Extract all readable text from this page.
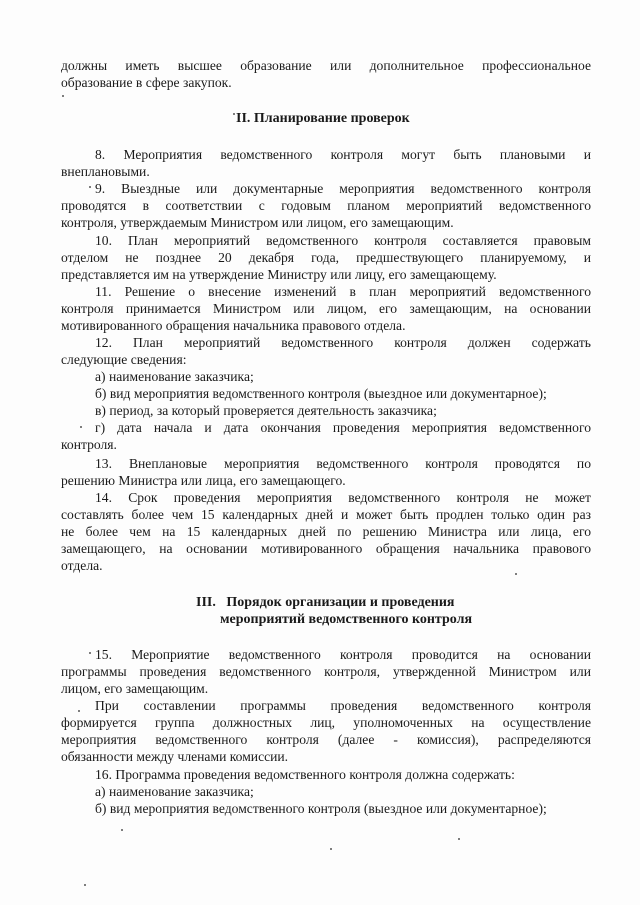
должны иметь высшее образование или дополнительное профессиональное
образование в сфере закупок.
II. Планирование проверок
8. Мероприятия ведомственного контроля могут быть плановыми и
внеплановыми.
9. Выездные или документарные мероприятия ведомственного контроля
проводятся в соответствии с годовым планом мероприятий ведомственного
контроля, утверждаемым Министром или лицом, его замещающим.
10. План мероприятий ведомственного контроля составляется правовым
отделом не позднее 20 декабря года, предшествующего планируемому, и
представляется им на утверждение Министру или лицу, его замещающему.
11. Решение о внесение изменений в план мероприятий ведомственного
контроля принимается Министром или лицом, его замещающим, на основании
мотивированного обращения начальника правового отдела.
12. План мероприятий ведомственного контроля должен содержать
следующие сведения:
а) наименование заказчика;
б) вид мероприятия ведомственного контроля (выездное или документарное);
в) период, за который проверяется деятельность заказчика;
г) дата начала и дата окончания проведения мероприятия ведомственного
контроля.
13. Внеплановые мероприятия ведомственного контроля проводятся по
решению Министра или лица, его замещающего.
14. Срок проведения мероприятия ведомственного контроля не может
составлять более чем 15 календарных дней и может быть продлен только один раз
не более чем на 15 календарных дней по решению Министра или лица, его
замещающего, на основании мотивированного обращения начальника правового
отдела.
III.   Порядок организации и проведения
мероприятий ведомственного контроля
15. Мероприятие ведомственного контроля проводится на основании
программы проведения ведомственного контроля, утвержденной Министром или
лицом, его замещающим.
При составлении программы проведения ведомственного контроля
формируется группа должностных лиц, уполномоченных на осуществление
мероприятия ведомственного контроля (далее - комиссия), распределяются
обязанности между членами комиссии.
16. Программа проведения ведомственного контроля должна содержать:
а) наименование заказчика;
б) вид мероприятия ведомственного контроля (выездное или документарное);
